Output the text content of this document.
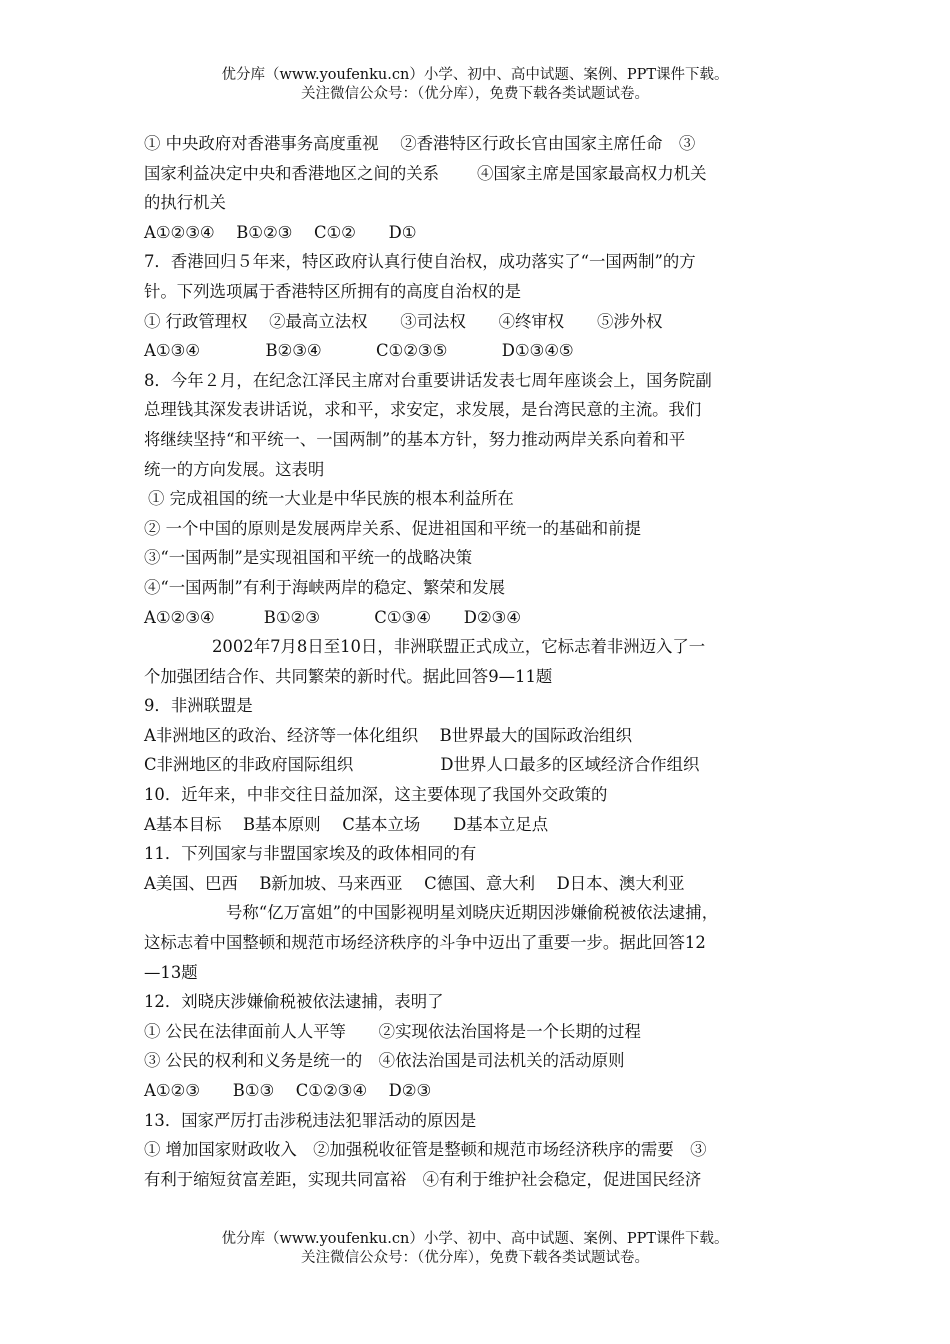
优分库（www.youfenku.cn）小学、初中、高中试题、案例、PPT课件下载。
关注微信公众号：（优分库），免费下载各类试题试卷。
① 中央政府对香港事务高度重视　 ②香港特区行政长官由国家主席任命　③
国家利益决定中央和香港地区之间的关系　　 ④国家主席是国家最高权力机关
的执行机关
A①②③④　 B①②③　 C①②　　D①
7．香港回归５年来，特区政府认真行使自治权，成功落实了“一国两制”的方
针。下列选项属于香港特区所拥有的高度自治权的是
① 行政管理权　 ②最高立法权　　③司法权　　④终审权　　⑤涉外权
A①③④　　　　B②③④　　　 C①②③⑤　　　 D①③④⑤
8．今年２月，在纪念江泽民主席对台重要讲话发表七周年座谈会上，国务院副
总理钱其深发表讲话说，求和平，求安定，求发展，是台湾民意的主流。我们
将继续坚持“和平统一、一国两制”的基本方针，努力推动两岸关系向着和平
统一的方向发展。这表明
① 完成祖国的统一大业是中华民族的根本利益所在
② 一个中国的原则是发展两岸关系、促进祖国和平统一的基础和前提
③“一国两制”是实现祖国和平统一的战略决策
④“一国两制”有利于海峡两岸的稳定、繁荣和发展
A①②③④　　　B①②③　　　 C①③④　　D②③④
2002年7月8日至10日，非洲联盟正式成立，它标志着非洲迈入了一
个加强团结合作、共同繁荣的新时代。据此回答9—11题
9．非洲联盟是
A非洲地区的政治、经济等一体化组织　 B世界最大的国际政治组织
C非洲地区的非政府国际组织　　　　　 D世界人口最多的区域经济合作组织
10．近年来，中非交往日益加深，这主要体现了我国外交政策的
A基本目标　 B基本原则　 C基本立场　　D基本立足点
11．下列国家与非盟国家埃及的政体相同的有
A美国、巴西　 B新加坡、马来西亚　 C德国、意大利　 D日本、澳大利亚
号称“亿万富姐”的中国影视明星刘晓庆近期因涉嫌偷税被依法逮捕，
这标志着中国整顿和规范市场经济秩序的斗争中迈出了重要一步。据此回答12
—13题
12．刘晓庆涉嫌偷税被依法逮捕，表明了
① 公民在法律面前人人平等　　②实现依法治国将是一个长期的过程
③ 公民的权利和义务是统一的　④依法治国是司法机关的活动原则
A①②③　　B①③　 C①②③④　 D②③
13．国家严厉打击涉税违法犯罪活动的原因是
① 增加国家财政收入　②加强税收征管是整顿和规范市场经济秩序的需要　③
有利于缩短贫富差距，实现共同富裕　④有利于维护社会稳定，促进国民经济
优分库（www.youfenku.cn）小学、初中、高中试题、案例、PPT课件下载。
关注微信公众号：（优分库），免费下载各类试题试卷。
